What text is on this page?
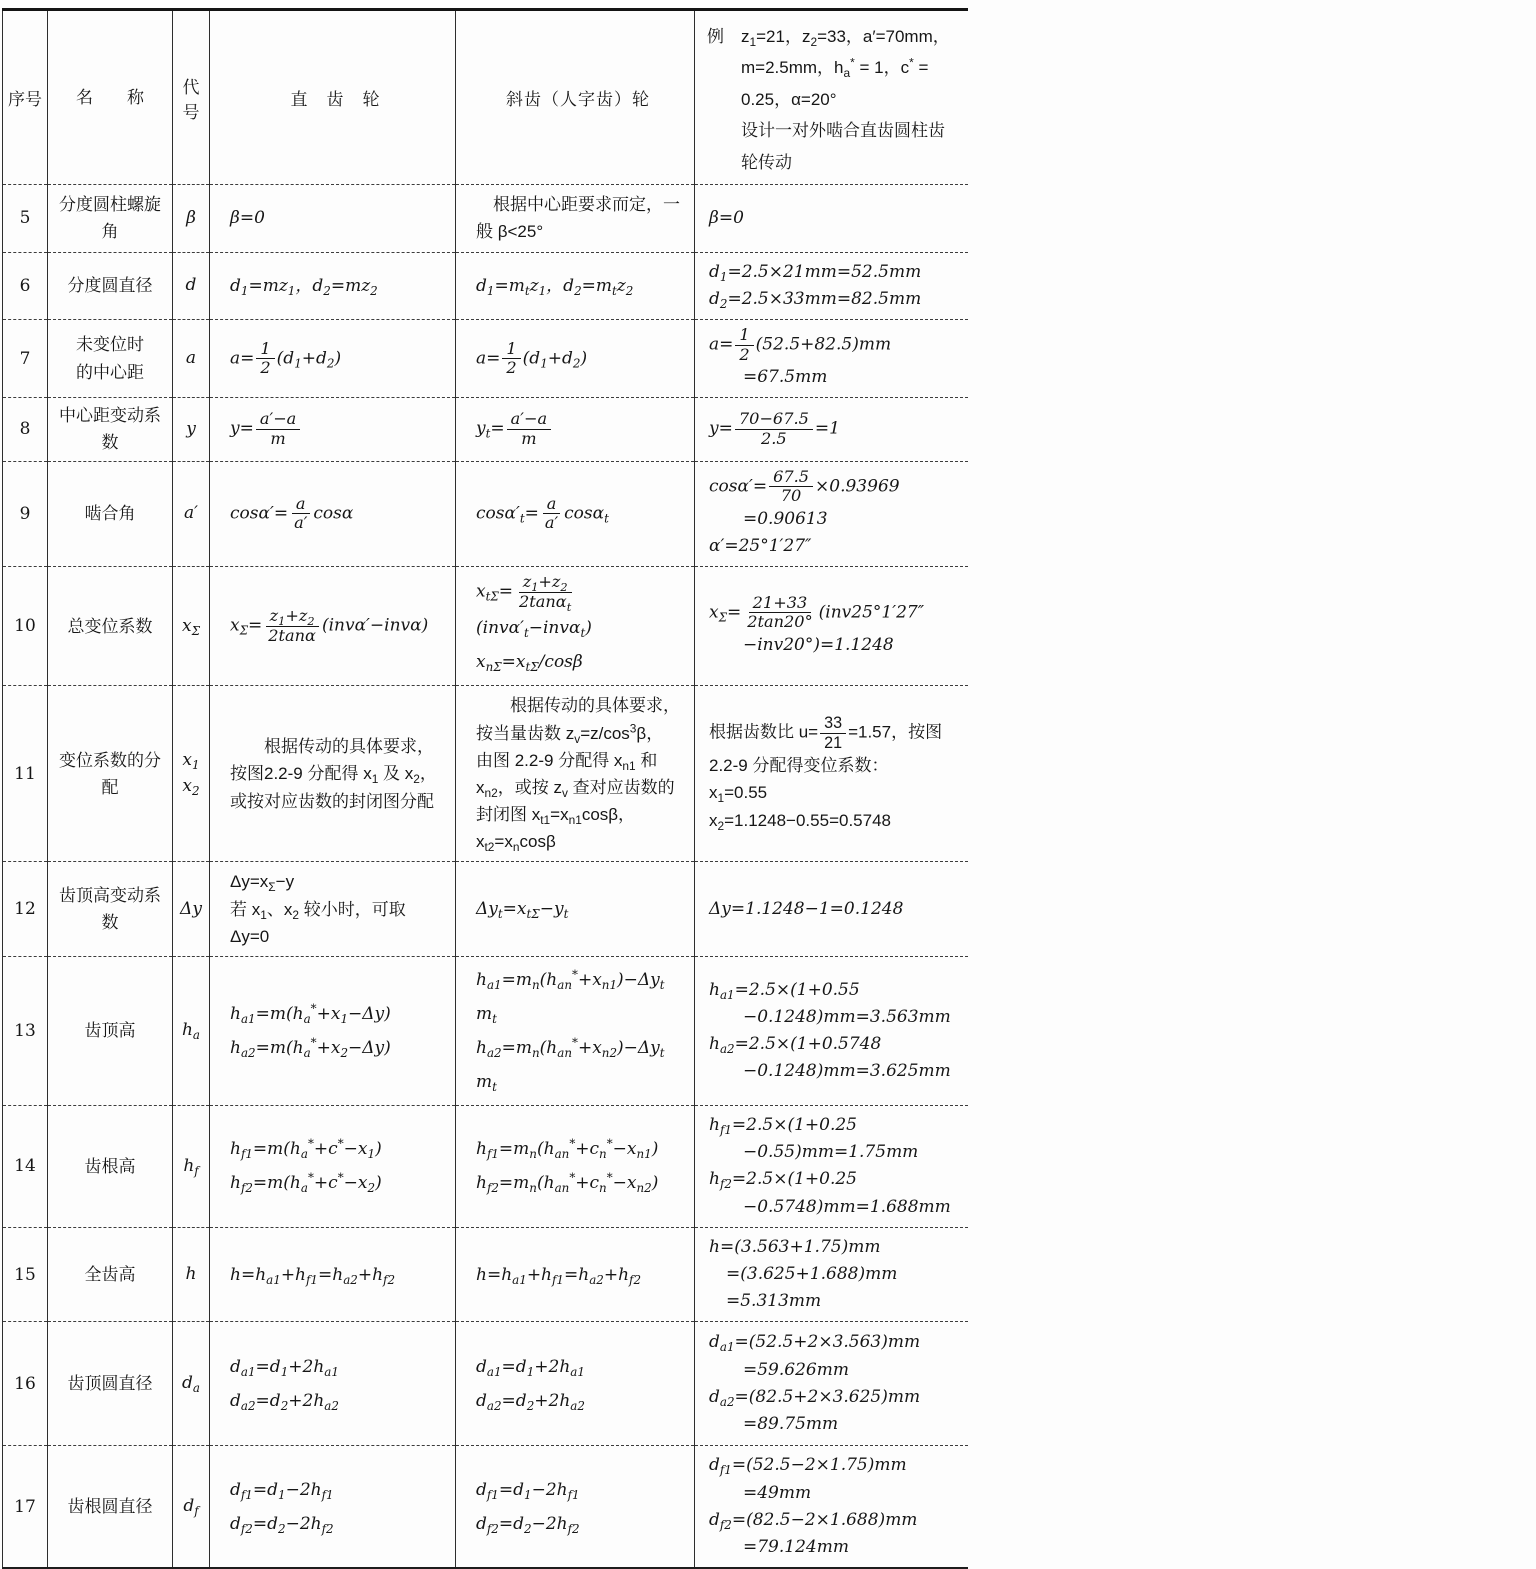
序号	名　　称	代号	直　齿　轮	斜齿（人字齿）轮	例　$z_1=21$，$z_2=33$，a′=70mm，
m=2.5mm，$h_a^* = 1$，c* =
0.25，α=20°
设计一对外啮合直齿圆柱齿
轮传动
5	分度圆柱螺旋角	β	β=0	　根据中心距要求而定，一般 β<25°	β=0
6	分度圆直径	d	$d_1=mz_1$，$d_2=mz_2$	$d_1=m_tz_1$，$d_2=m_tz_2$	$d_1=2.5\times 21mm=52.5mm$
$d_2=2.5\times 33mm=82.5mm$
7	未变位时
的中心距	a	$a= \frac{1}{2} (d_1+d_2)$	$a= \frac{1}{2} (d_1+d_2)$	$a= \frac{1}{2} (52.5+82.5)mm$
　　=67.5mm
8	中心距变动系数	y	$y= \frac{a'-a}{m}$	$y_t= \frac{a'-a}{m}$	$y= \frac{70-67.5}{2.5} =1$
9	啮合角	a′	$\cos\alpha'= \frac{a}{a'}$ cosα	$\cos\alpha'_t= \frac{a}{a'} \cos\alpha_t$	$\cos\alpha'= \frac{67.5}{70} \times 0.93969$
　　=0.90613
α′=25°1′27″
10	总变位系数	$x_\Sigma$	$x_\Sigma= \frac{z_1+z_2}{2\tan\alpha} (inv\alpha'-inv\alpha)$	$x_{t\Sigma}= \frac{z_1+z_2}{2\tan\alpha_t}$
$(inv\alpha'_t-inv\alpha_t)$
$x_{n\Sigma}=x_{t\Sigma}$/cosβ	$x_\Sigma= \frac{21+33}{2\tan 20^\circ} (inv25^\circ 1'27''$
　　−inv20°)=1.1248
11	变位系数的分配	$x_1$
$x_2$	　　根据传动的具体要求，按图2.2-9 分配得 $x_1$ 及 $x_2$，或按对应齿数的封闭图分配	　　根据传动的具体要求，按当量齿数 $z_v=z/\cos^3\beta$，由图 2.2-9 分配得 $x_{n1}$ 和 $x_{n2}$，或按 $z_v$ 查对应齿数的封闭图 $x_{t1}=x_{n1}\cos\beta$，$x_{t2}=x_n\cos\beta$	根据齿数比 $u= \frac{33}{21} =1.57$，按图
2.2-9 分配得变位系数：
$x_1=0.55$
$x_2=1.1248-0.55=0.5748$
12	齿顶高变动系数	Δy	$\Delta y=x_\Sigma-y$
若 $x_1$、$x_2$ 较小时，可取 Δy=0	$\Delta y_t=x_{t\Sigma}-y_t$	Δy=1.1248−1=0.1248
13	齿顶高	$h_a$	$h_{a1}=m(h_a^*+x_1-\Delta y)$
$h_{a2}=m(h_a^*+x_2-\Delta y)$	$h_{a1}=m_n(h_{an}^*+x_{n1})-\Delta y_tm_t$
$h_{a2}=m_n(h_{an}^*+x_{n2})-\Delta y_tm_t$	$h_{a1}=2.5\times(1+0.55$
　　−0.1248)mm=3.563mm
$h_{a2}=2.5\times(1+0.5748$
　　−0.1248)mm=3.625mm
14	齿根高	$h_f$	$h_{f1}=m(h_a^*+c^*-x_1)$
$h_{f2}=m(h_a^*+c^*-x_2)$	$h_{f1}=m_n(h_{an}^*+c_n^*-x_{n1})$
$h_{f2}=m_n(h_{an}^*+c_n^*-x_{n2})$	$h_{f1}=2.5\times(1+0.25$
　　−0.55)mm=1.75mm
$h_{f2}=2.5\times(1+0.25$
　　−0.5748)mm=1.688mm
15	全齿高	h	$h=h_{a1}+h_{f1}=h_{a2}+h_{f2}$	$h=h_{a1}+h_{f1}=h_{a2}+h_{f2}$	h=(3.563+1.75)mm
　=(3.625+1.688)mm
　=5.313mm
16	齿顶圆直径	$d_a$	$d_{a1}=d_1+2h_{a1}$
$d_{a2}=d_2+2h_{a2}$	$d_{a1}=d_1+2h_{a1}$
$d_{a2}=d_2+2h_{a2}$	$d_{a1}=(52.5+2\times 3.563)mm$
　　=59.626mm
$d_{a2}=(82.5+2\times 3.625)mm$
　　=89.75mm
17	齿根圆直径	$d_f$	$d_{f1}=d_1-2h_{f1}$
$d_{f2}=d_2-2h_{f2}$	$d_{f1}=d_1-2h_{f1}$
$d_{f2}=d_2-2h_{f2}$	$d_{f1}=(52.5-2\times 1.75)mm$
　　=49mm
$d_{f2}=(82.5-2\times 1.688)mm$
　　=79.124mm
